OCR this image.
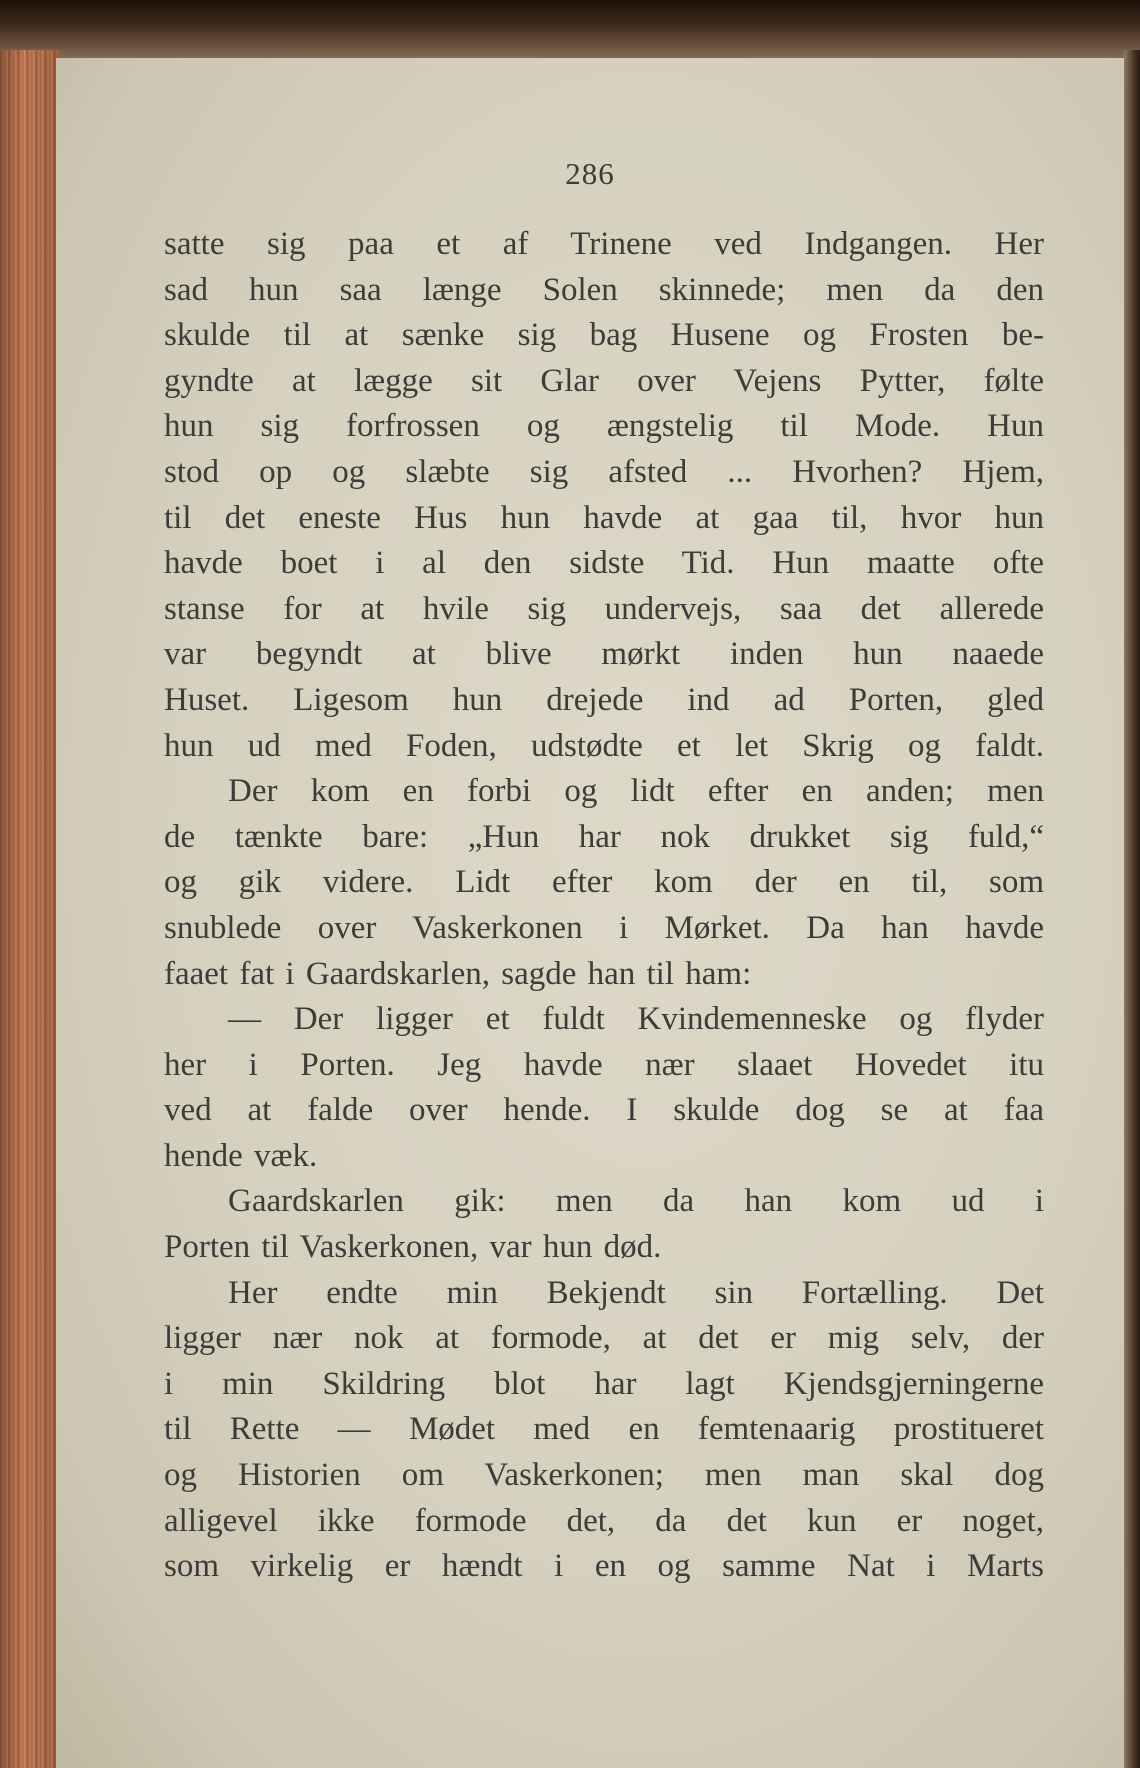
286
satte sig paa et af Trinene ved Indgangen. Her
sad hun saa længe Solen skinnede; men da den
skulde til at sænke sig bag Husene og Frosten be-
gyndte at lægge sit Glar over Vejens Pytter, følte
hun sig forfrossen og ængstelig til Mode. Hun
stod op og slæbte sig afsted ... Hvorhen? Hjem,
til det eneste Hus hun havde at gaa til, hvor hun
havde boet i al den sidste Tid. Hun maatte ofte
stanse for at hvile sig undervejs, saa det allerede
var begyndt at blive mørkt inden hun naaede
Huset. Ligesom hun drejede ind ad Porten, gled
hun ud med Foden, udstødte et let Skrig og faldt.
Der kom en forbi og lidt efter en anden; men
de tænkte bare: „Hun har nok drukket sig fuld,“
og gik videre. Lidt efter kom der en til, som
snublede over Vaskerkonen i Mørket. Da han havde
faaet fat i Gaardskarlen, sagde han til ham:
— Der ligger et fuldt Kvindemenneske og flyder
her i Porten. Jeg havde nær slaaet Hovedet itu
ved at falde over hende. I skulde dog se at faa
hende væk.
Gaardskarlen gik: men da han kom ud i
Porten til Vaskerkonen, var hun død.
Her endte min Bekjendt sin Fortælling. Det
ligger nær nok at formode, at det er mig selv, der
i min Skildring blot har lagt Kjendsgjerningerne
til Rette — Mødet med en femtenaarig prostitueret
og Historien om Vaskerkonen; men man skal dog
alligevel ikke formode det, da det kun er noget,
som virkelig er hændt i en og samme Nat i Marts
